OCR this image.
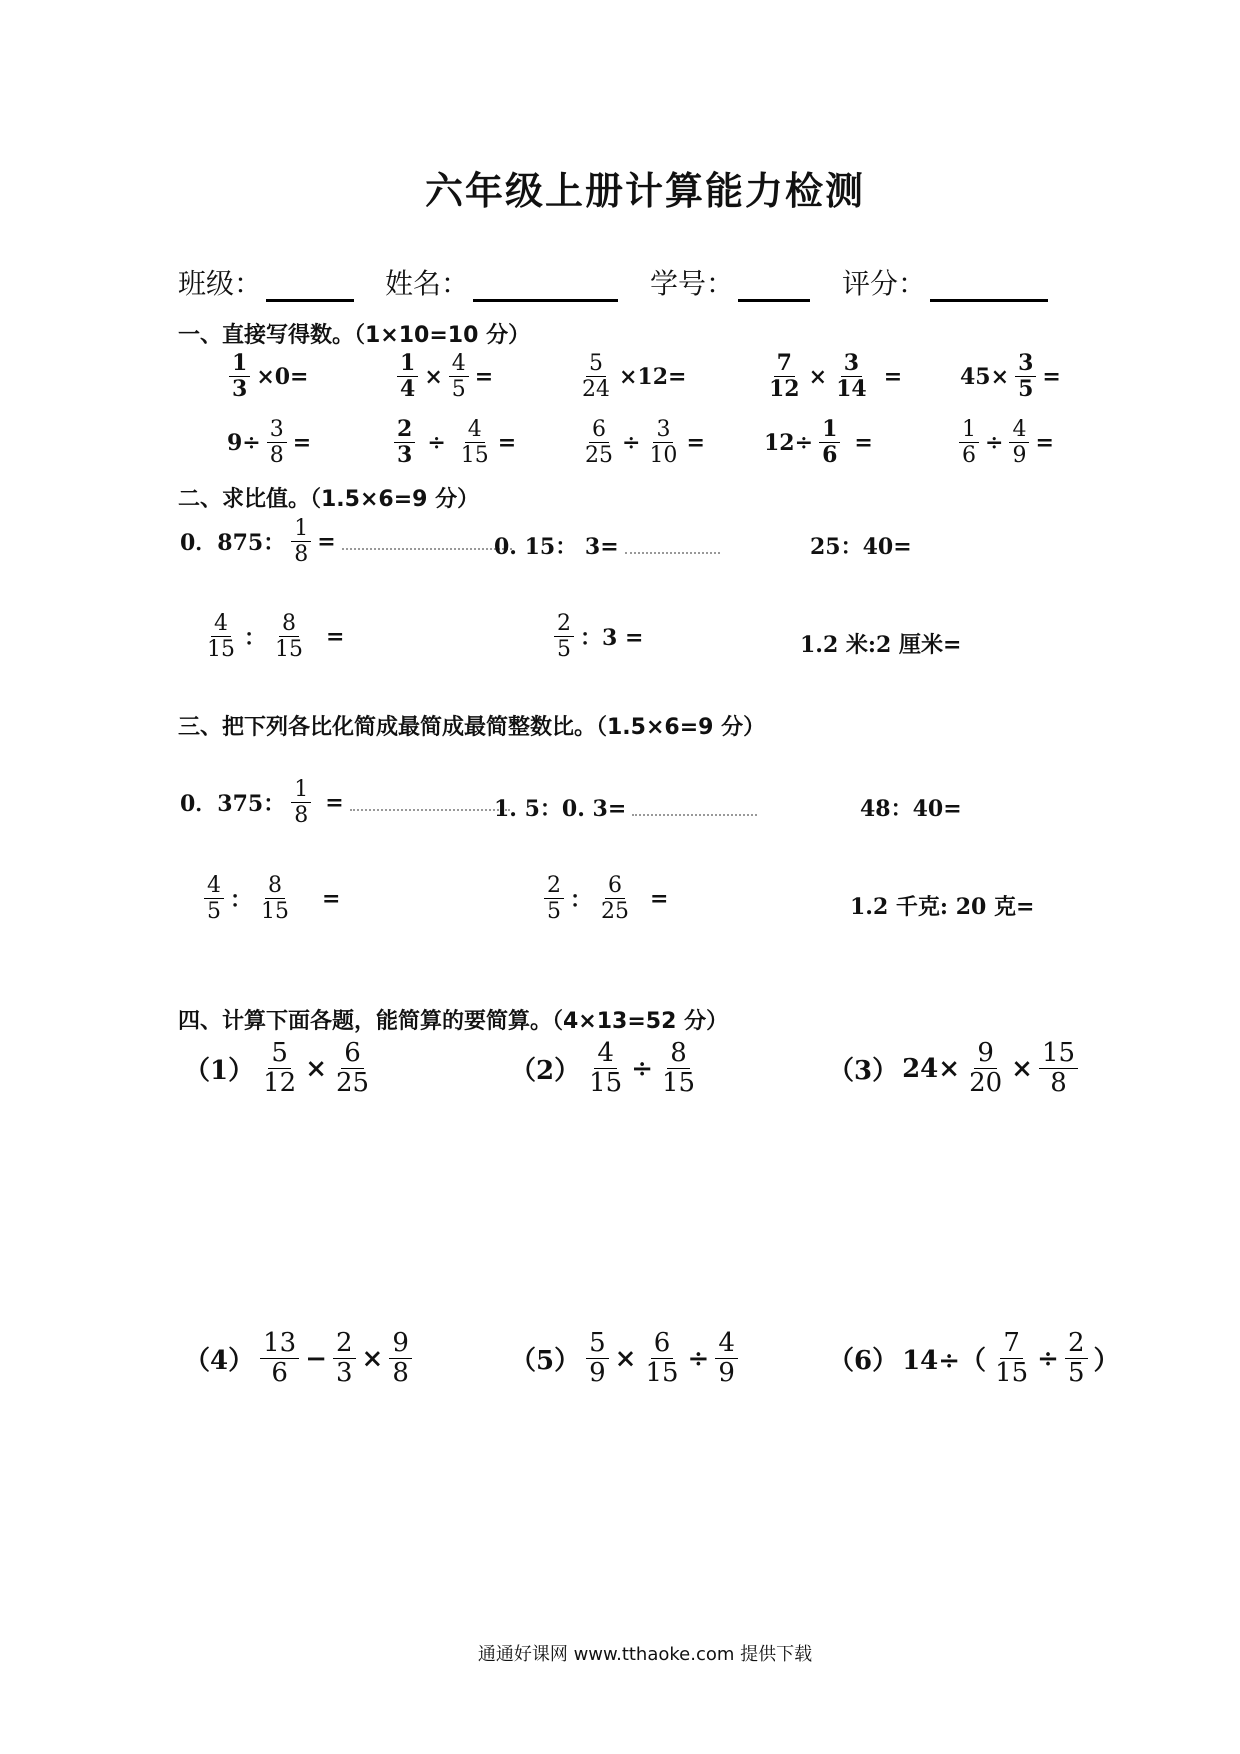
六年级上册计算能力检测
班级：	姓名：	学号：	评分：
一、直接写得数。（1×10=10 分）
$\frac{1}{3} \times 0=$	$\frac{1}{4} \times \frac{4}{5}$ =	$\frac{5}{24} \times 12=$	$\frac{7}{12} \times \frac{3}{14}$ =	$45\times \frac{3}{5}$ =
$9\div \frac{3}{8}$ =	$\frac{2}{3} \div \frac{4}{15}$ =	$\frac{6}{25} \div \frac{3}{10}$ =	$12\div \frac{1}{6}$ =	$\frac{1}{6} \div \frac{4}{9}$ =
二、求比值。（1.5×6=9 分）
0．875： $\frac{1}{8}$ =	0. 15： 3=	25：40=
$\frac{4}{15}$ ： $\frac{8}{15}$ =	$\frac{2}{5}$ ：3 =	1.2 米:2 厘米=
三、把下列各比化简成最简成最简整数比。（1.5×6=9 分）
0．375： $\frac{1}{8}$ =	1. 5：0. 3=	48：40=
$\frac{4}{5}$ ： $\frac{8}{15}$ =	$\frac{2}{5}$ ： $\frac{6}{25}$ =	1.2 千克: 20 克=
四、计算下面各题，能简算的要简算。（4×13=52 分）
$(1) \frac{5}{12} \times \frac{6}{25}$	$(2) \frac{4}{15} \div \frac{8}{15}$	（3） $24\times \frac{9}{20} \times \frac{15}{8}$
$(4) \frac{13}{6} - \frac{2}{3} \times \frac{9}{8}$	$(5) \frac{5}{9} \times \frac{6}{15} \div \frac{4}{9}$	（6） $14\div( \frac{7}{15} \div \frac{2}{5}$ ）
通通好课网 www.tthaoke.com 提供下载
